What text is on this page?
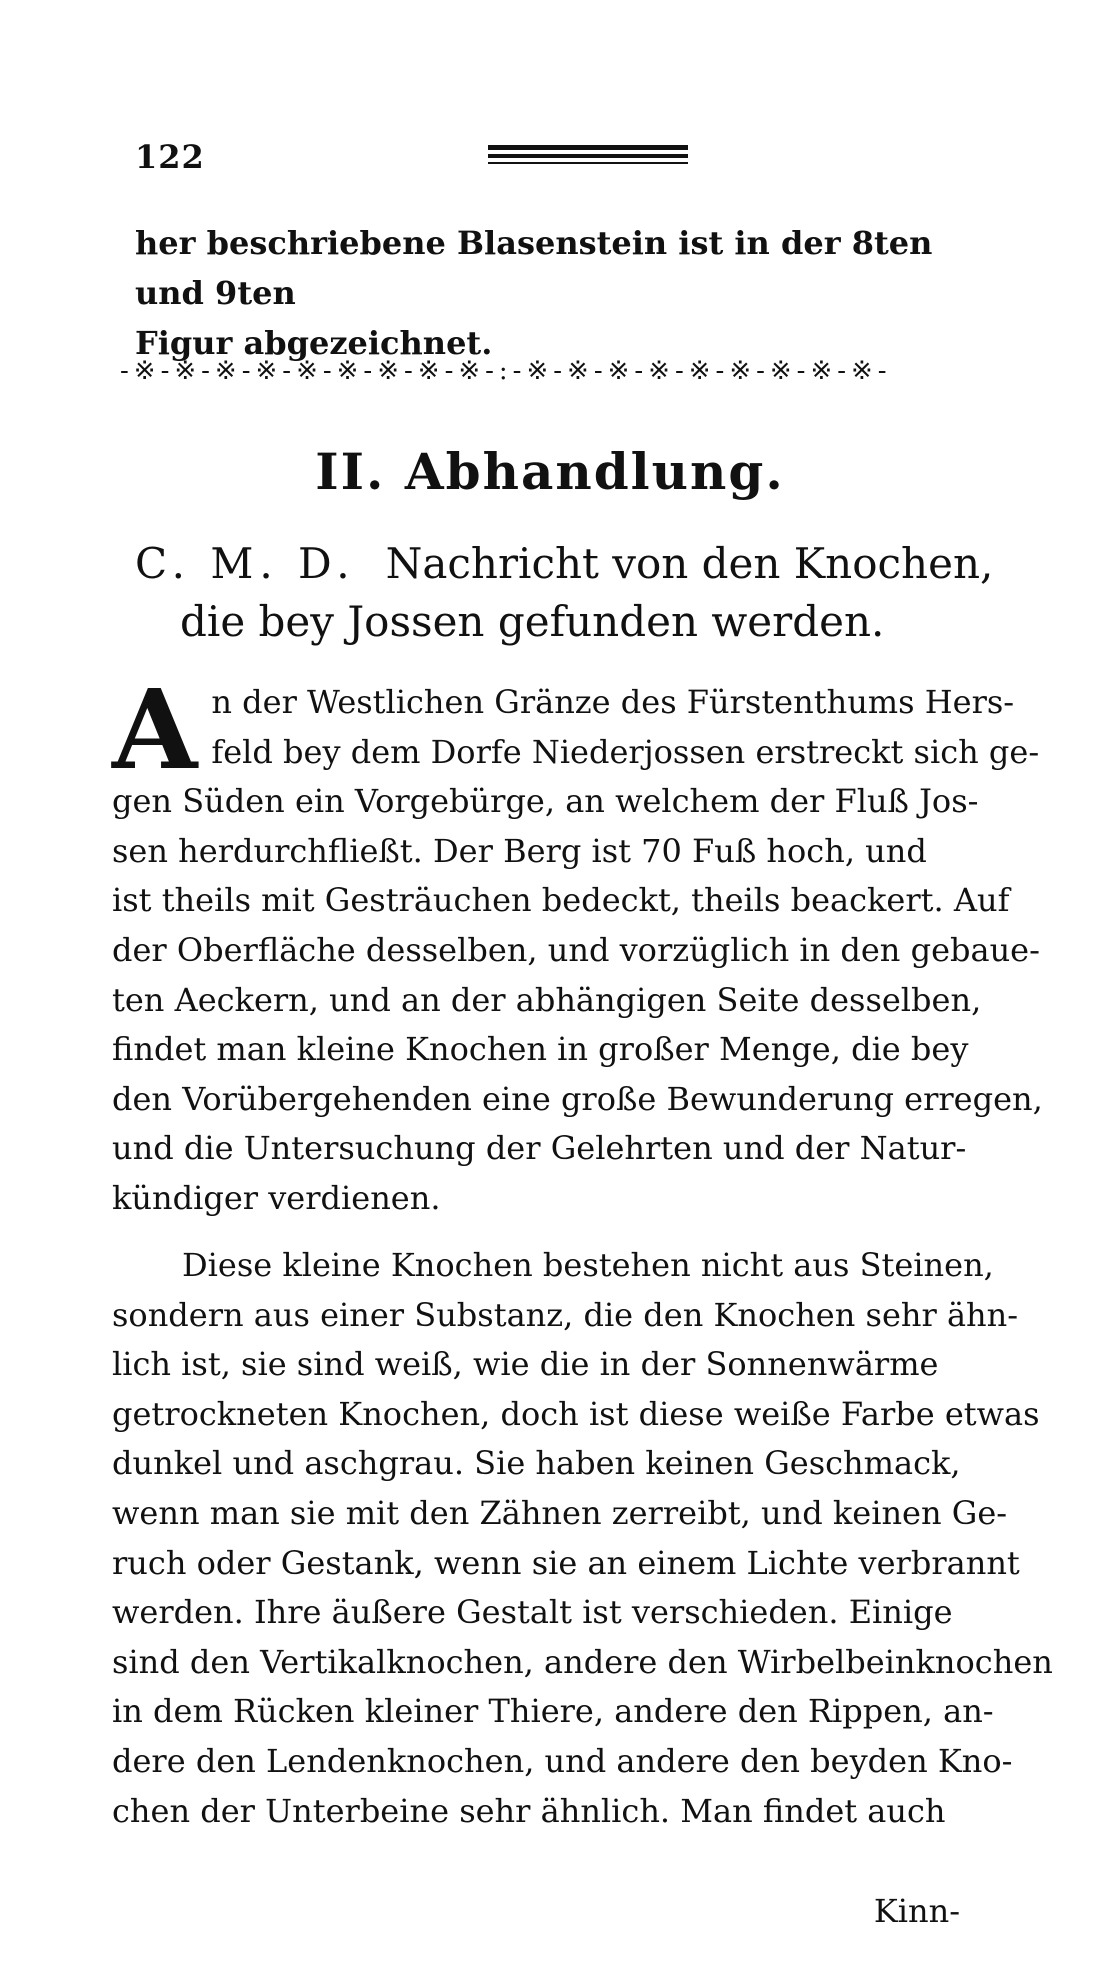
122
her beschriebene Blasenstein ist in der 8ten und 9ten
Figur abgezeichnet.
-※-※-※-※-※-※-※-※-※-:-※-※-※-※-※-※-※-※-※-
II. Abhandlung.
C. M. D. Nachricht von den Knochen,
die bey Jossen gefunden werden.
A n der Westlichen Gränze des Fürstenthums Hers-
feld bey dem Dorfe Niederjossen erstreckt sich ge-
gen Süden ein Vorgebürge, an welchem der Fluß Jos-
sen herdurchfließt. Der Berg ist 70 Fuß hoch, und
ist theils mit Gesträuchen bedeckt, theils beackert. Auf
der Oberfläche desselben, und vorzüglich in den gebaue-
ten Aeckern, und an der abhängigen Seite desselben,
findet man kleine Knochen in großer Menge, die bey
den Vorübergehenden eine große Bewunderung erregen,
und die Untersuchung der Gelehrten und der Natur-
kündiger verdienen.
Diese kleine Knochen bestehen nicht aus Steinen,
sondern aus einer Substanz, die den Knochen sehr ähn-
lich ist, sie sind weiß, wie die in der Sonnenwärme
getrockneten Knochen, doch ist diese weiße Farbe etwas
dunkel und aschgrau. Sie haben keinen Geschmack,
wenn man sie mit den Zähnen zerreibt, und keinen Ge-
ruch oder Gestank, wenn sie an einem Lichte verbrannt
werden. Ihre äußere Gestalt ist verschieden. Einige
sind den Vertikalknochen, andere den Wirbelbeinknochen
in dem Rücken kleiner Thiere, andere den Rippen, an-
dere den Lendenknochen, und andere den beyden Kno-
chen der Unterbeine sehr ähnlich. Man findet auch
Kinn-
